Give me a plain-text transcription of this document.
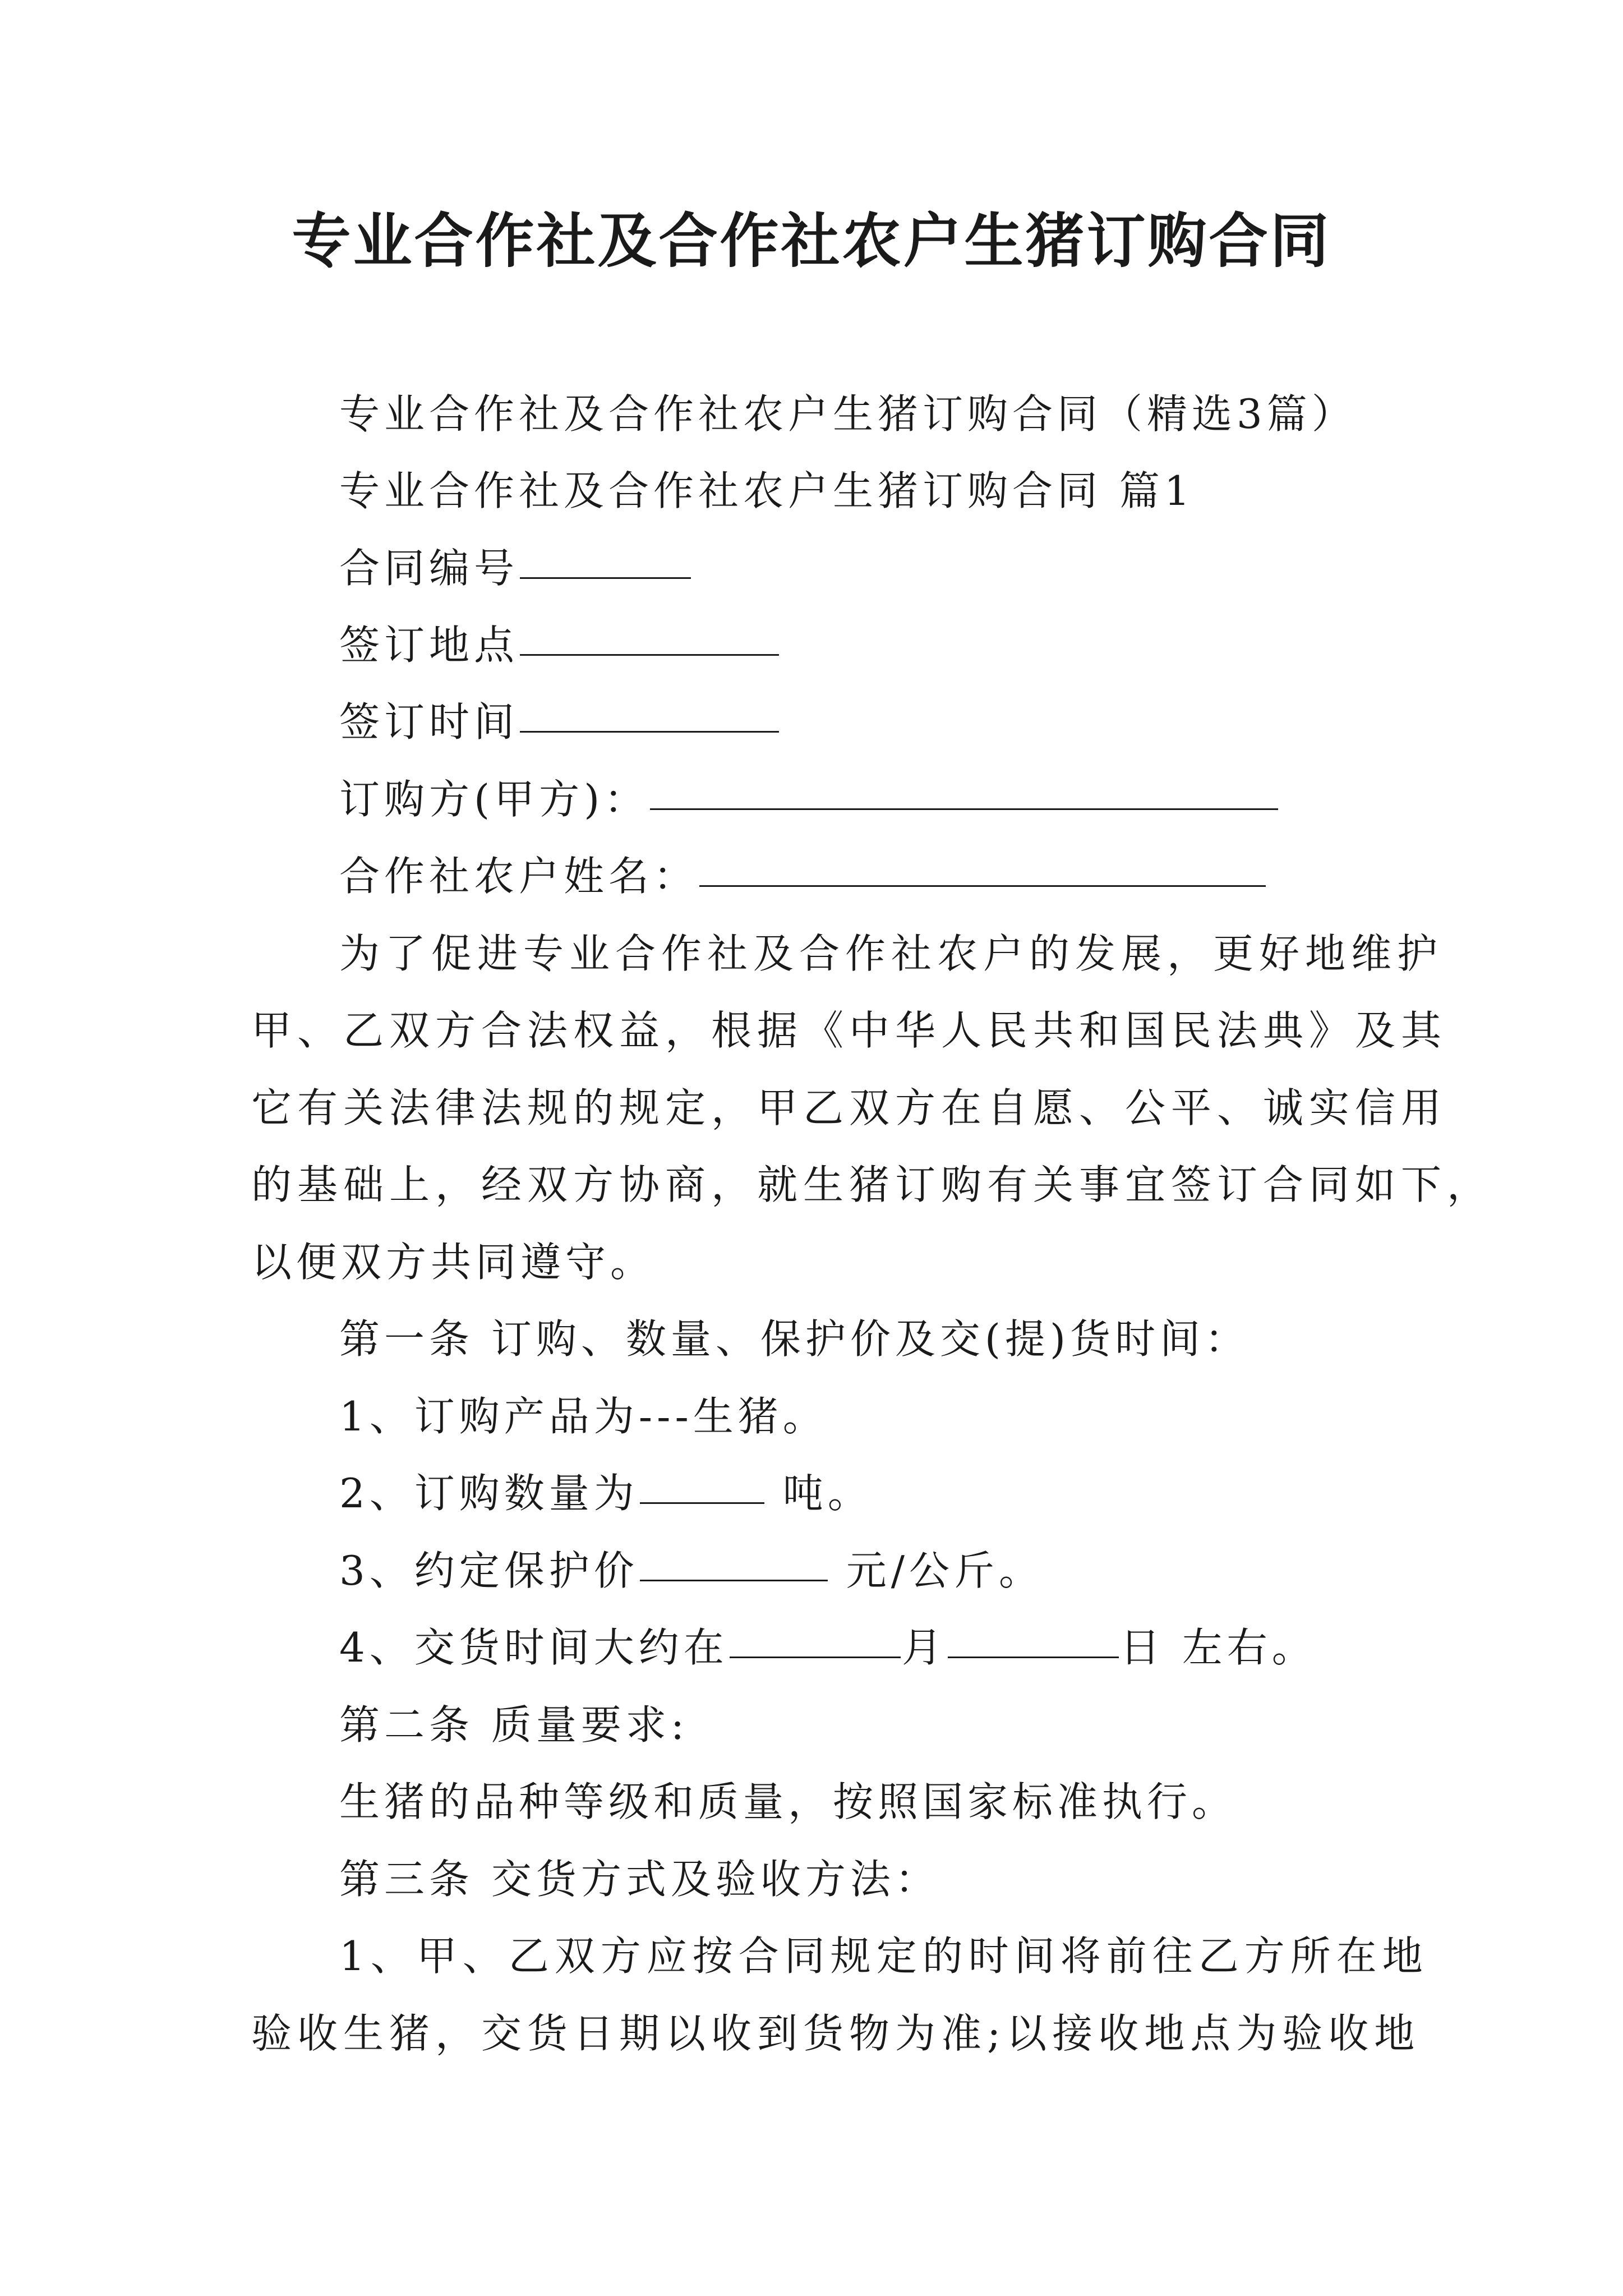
专业合作社及合作社农户生猪订购合同

专业合作社及合作社农户生猪订购合同（精选3篇）

专业合作社及合作社农户生猪订购合同 篇1

合同编号

签订地点

签订时间

订购方(甲方)：

合作社农户姓名：

为了促进专业合作社及合作社农户的发展，更好地维护

甲、乙双方合法权益，根据《中华人民共和国民法典》及其

它有关法律法规的规定，甲乙双方在自愿、公平、诚实信用

的基础上，经双方协商，就生猪订购有关事宜签订合同如下，

以便双方共同遵守。

第一条 订购、数量、保护价及交(提)货时间：

1、订购产品为---生猪。

2、订购数量为	吨。

3、约定保护价	元/公斤。

4、交货时间大约在	月	日 左右。

第二条 质量要求:

生猪的品种等级和质量，按照国家标准执行。

第三条 交货方式及验收方法：

1、甲、乙双方应按合同规定的时间将前往乙方所在地

验收生猪，交货日期以收到货物为准;以接收地点为验收地
